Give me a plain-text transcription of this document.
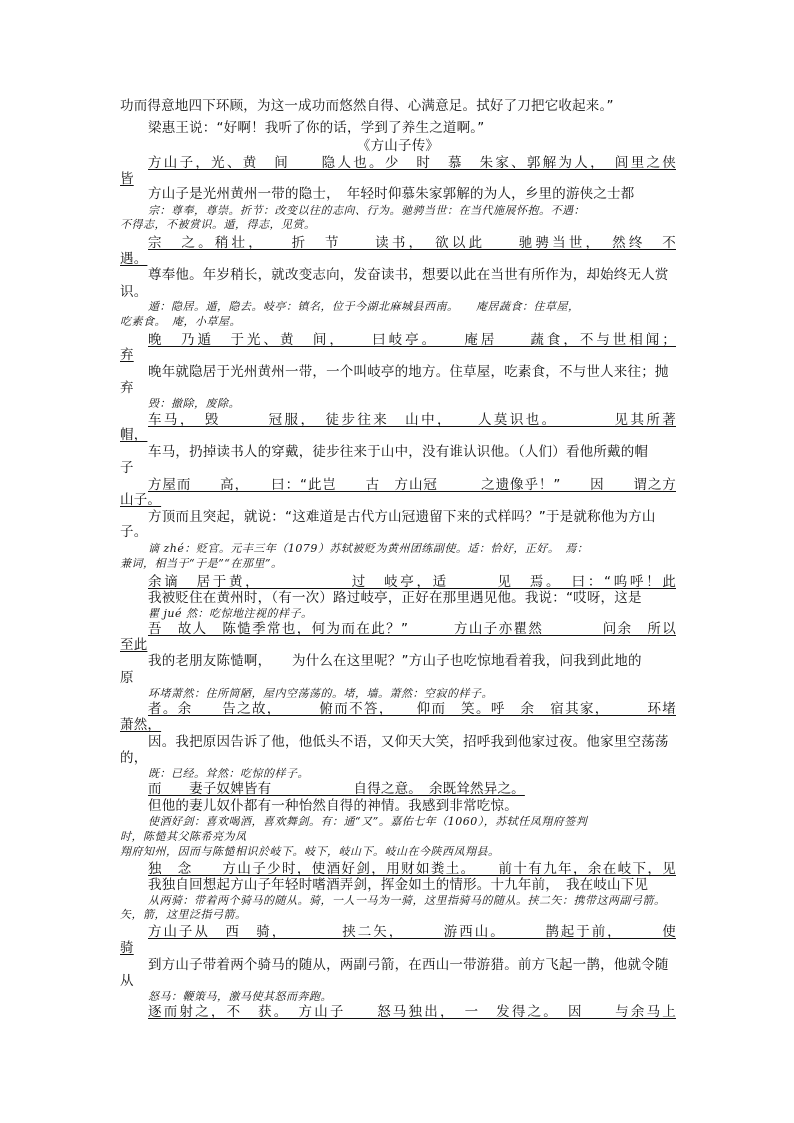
功而得意地四下环顾，为这一成功而悠然自得、心满意足。拭好了刀把它收起来。”
梁惠王说：“好啊！我听了你的话，学到了养生之道啊。”
《方山子传》
方山子，光、黄　间　　隐人也。少　时　慕　朱家、郭解为人，　闾里之侠
皆
方山子是光州黄州一带的隐士，　年轻时仰慕朱家郭解的为人，乡里的游侠之士都
宗：尊奉，尊崇。折节：改变以往的志向、行为。驰骋当世：在当代施展怀抱。不遇：
不得志，不被赏识。遁，得志，见赏。
宗　之。稍壮，　　折　节　　读书，　欲以此　　驰骋当世，　然终　不
遇。
尊奉他。年岁稍长，就改变志向，发奋读书，想要以此在当世有所作为，却始终无人赏
识。
遁：隐居。遁，隐去。岐亭：镇名，位于今湖北麻城县西南。　　庵居蔬食：住草屋，
吃素食。　庵，小草屋。
晚　乃遁　于光、黄　间，　　曰岐亭。　　庵居　　蔬食，不与世相闻；
弃
晚年就隐居于光州黄州一带，一个叫岐亭的地方。住草屋，吃素食，不与世人来往；抛
弃
毁：撤除，废除。
车马，　毁　　　冠服，　徒步往来　山中，　　人莫识也。　　　　见其所著
帽，
车马，扔掉读书人的穿戴，徒步往来于山中，没有谁认识他。（人们）看他所戴的帽
子
方屋而　　高，　　曰：“此岂　　古　方山冠　　　之遗像乎！”　　因　　谓之方
山子。
方顶而且突起，就说：“这难道是古代方山冠遗留下来的式样吗？”于是就称他为方山
子。
谪 zhé：贬官。元丰三年（1079）苏轼被贬为黄州团练副使。适：恰好，正好。　焉：
兼词，相当于“于是”“在那里”。
余谪　居于黄，　　　　　　过　岐亭，适　　　见　焉。　曰：“呜呼！此
我被贬住在黄州时，（有一次）路过岐亭，正好在那里遇见他。我说：“哎呀，这是
瞿 jué 然：吃惊地注视的样子。
吾　故人　陈慥季常也，何为而在此？”　　　方山子亦瞿然　　　　问余　所以
至此
我的老朋友陈慥啊，　　为什么在这里呢？”方山子也吃惊地看着我，问我到此地的
原
环堵萧然：住所简陋，屋内空荡荡的。堵，墙。萧然：空寂的样子。
者。余　　告之故，　　　俯而不答，　　仰而　笑。呼　余　宿其家，　　　环堵
萧然，
因。我把原因告诉了他，他低头不语，又仰天大笑，招呼我到他家过夜。他家里空荡荡
的，
既：已经。耸然：吃惊的样子。
而　　妻子奴婢皆有　　　　　　自得之意。　余既耸然异之。
但他的妻儿奴仆都有一种怡然自得的神情。我感到非常吃惊。
使酒好剑：喜欢喝酒，喜欢舞剑。有：通“又”。嘉佑七年（1060），苏轼任凤翔府签判
时，陈慥其父陈希亮为凤
翔府知州，因而与陈慥相识於岐下。岐下，岐山下。岐山在今陕西凤翔县。
独　念　　方山子少时，使酒好剑，用财如粪土。　　前十有九年，余在岐下，见
我独自回想起方山子年轻时嗜酒弄剑，挥金如土的情形。十九年前，　我在岐山下见
从两骑：带着两个骑马的随从。骑，一人一马为一骑，这里指骑马的随从。挟二矢：携带这两副弓箭。
矢，箭，这里泛指弓箭。
方山子从　西　骑，　　　　挟二矢，　　　游西山。　　　鹊起于前，　　　使
骑
到方山子带着两个骑马的随从，两副弓箭，在西山一带游猎。前方飞起一鹊，他就令随
从
怒马：鞭策马，激马使其怒而奔跑。
逐而射之，不　获。　方山子　　怒马独出，　一　发得之。　因　　与余马上
